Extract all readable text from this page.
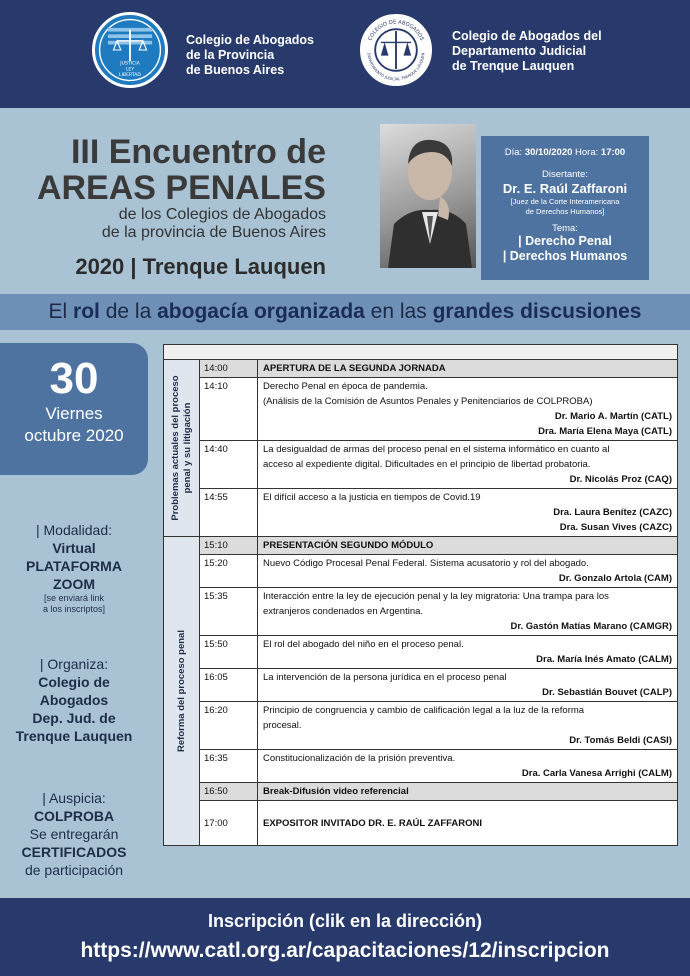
JUSTICIA
LEY
LIBERTAD
Colegio de Abogados
de la Provincia
de Buenos Aires
COLEGIO DE ABOGADOS
DEPARTAMENTO JUDICIAL TRENQUE LAUQUEN
Colegio de Abogados del
Departamento Judicial
de Trenque Lauquen
III Encuentro de
AREAS PENALES
de los Colegios de Abogados
de la provincia de Buenos Aires
2020 | Trenque Lauquen
Día: 30/10/2020 Hora: 17:00
Disertante:
Dr. E. Raúl Zaffaroni
[Juez de la Corte Interamericana
de Derechos Humanos]
Tema:
| Derecho Penal
| Derechos Humanos
El rol de la abogacía organizada en las grandes discusiones
30
Viernes
octubre 2020
| Modalidad:
Virtual
PLATAFORMA
ZOOM
[se enviará link
a los inscriptos]
| Organiza:
Colegio de
Abogados
Dep. Jud. de
Trenque Lauquen
| Auspicia:
COLPROBA
Se entregarán
CERTIFICADOS
de participación
Problemas actuales del proceso penal y su litigación
14:00	APERTURA DE LA SEGUNDA JORNADA
14:10	Derecho Penal en época de pandemia.
(Análisis de la Comisión de Asuntos Penales y Penitenciarios de COLPROBA)
Dr. Mario A. Martín (CATL)
Dra. María Elena Maya (CATL)
14:40	La desigualdad de armas del proceso penal en el sistema informático en cuanto al
acceso al expediente digital. Dificultades en el principio de libertad probatoria.
Dr. Nicolás Proz (CAQ)
14:55	El difícil acceso a la justicia en tiempos de Covid.19
Dra. Laura Benítez (CAZC)
Dra. Susan Vives (CAZC)
Reforma del proceso penal
15:10	PRESENTACIÓN SEGUNDO MÓDULO
15:20	Nuevo Código Procesal Penal Federal. Sistema acusatorio y rol del abogado.
Dr. Gonzalo Artola (CAM)
15:35	Interacción entre la ley de ejecución penal y la ley migratoria: Una trampa para los
extranjeros condenados en Argentina.
Dr. Gastón Matías Marano (CAMGR)
15:50	El rol del abogado del niño en el proceso penal.
Dra. María Inés Amato (CALM)
16:05	La intervención de la persona jurídica en el proceso penal
Dr. Sebastián Bouvet (CALP)
16:20	Principio de congruencia y cambio de calificación legal a la luz de la reforma
procesal.
Dr. Tomás Beldi (CASI)
16:35	Constitucionalización de la prisión preventiva.
Dra. Carla Vanesa Arrighi (CALM)
16:50	Break-Difusión video referencial
17:00	EXPOSITOR INVITADO DR. E. RAÚL ZAFFARONI
Inscripción (clik en la dirección)
https://www.catl.org.ar/capacitaciones/12/inscripcion
